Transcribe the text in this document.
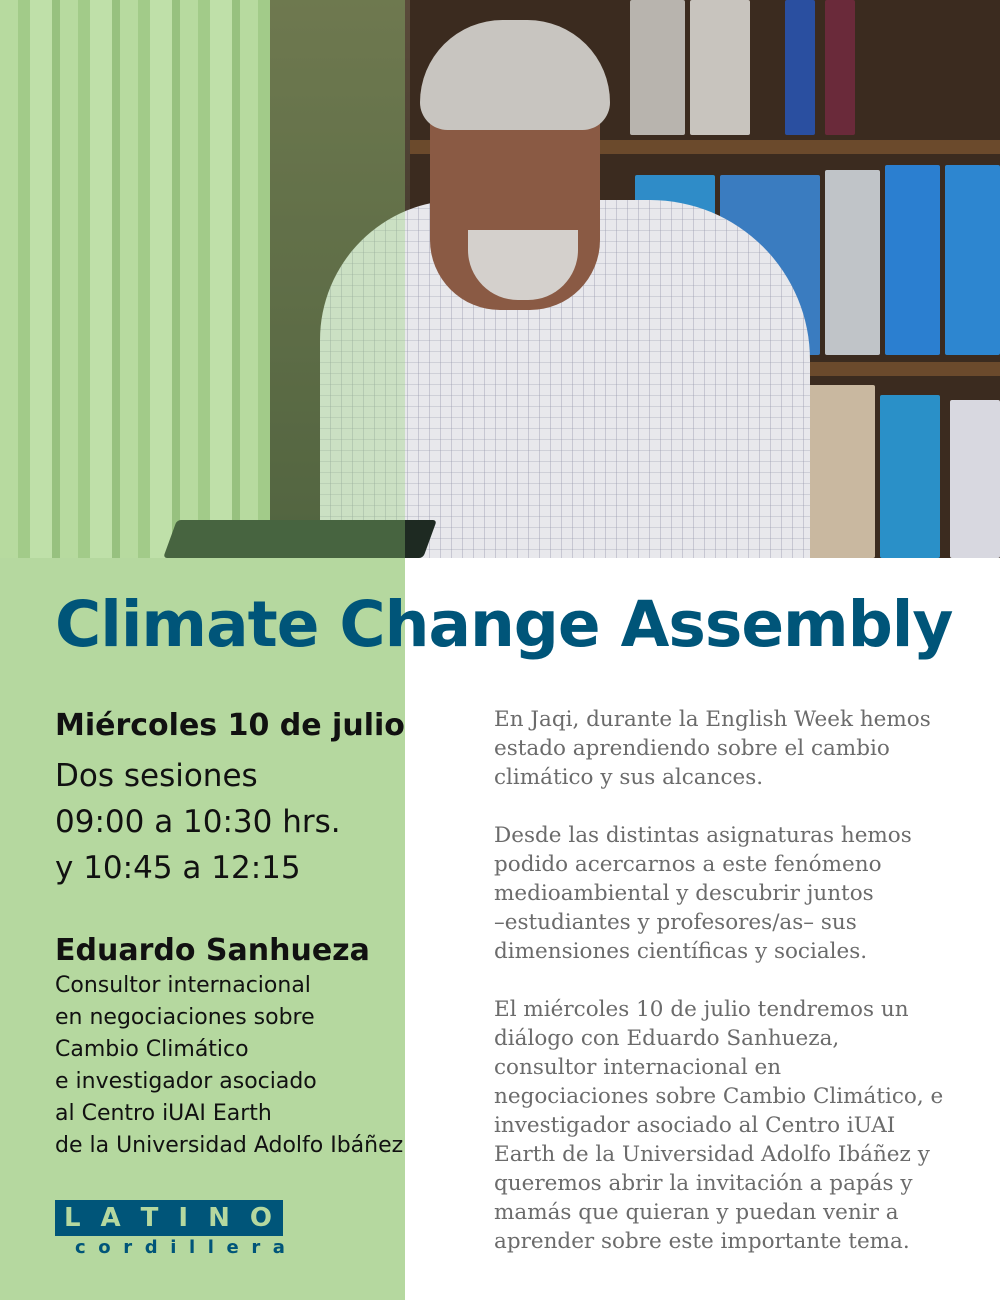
Climate Change Assembly
Miércoles 10 de julio
Dos sesiones
09:00 a 10:30 hrs.
y 10:45 a 12:15
Eduardo Sanhueza
Consultor internacional
en negociaciones sobre
Cambio Climático
e investigador asociado
al Centro iUAI Earth
de la Universidad Adolfo Ibáñez
L A T I N O
c o r d i l l e r a

En Jaqi, durante la English Week hemos
estado aprendiendo sobre el cambio
climático y sus alcances.

Desde las distintas asignaturas hemos
podido acercarnos a este fenómeno
medioambiental y descubrir juntos
–estudiantes y profesores/as– sus
dimensiones científicas y sociales.

El miércoles 10 de julio tendremos un
diálogo con Eduardo Sanhueza,
consultor internacional en
negociaciones sobre Cambio Climático, e
investigador asociado al Centro iUAI
Earth de la Universidad Adolfo Ibáñez y
queremos abrir la invitación a papás y
mamás que quieran y puedan venir a
aprender sobre este importante tema.
